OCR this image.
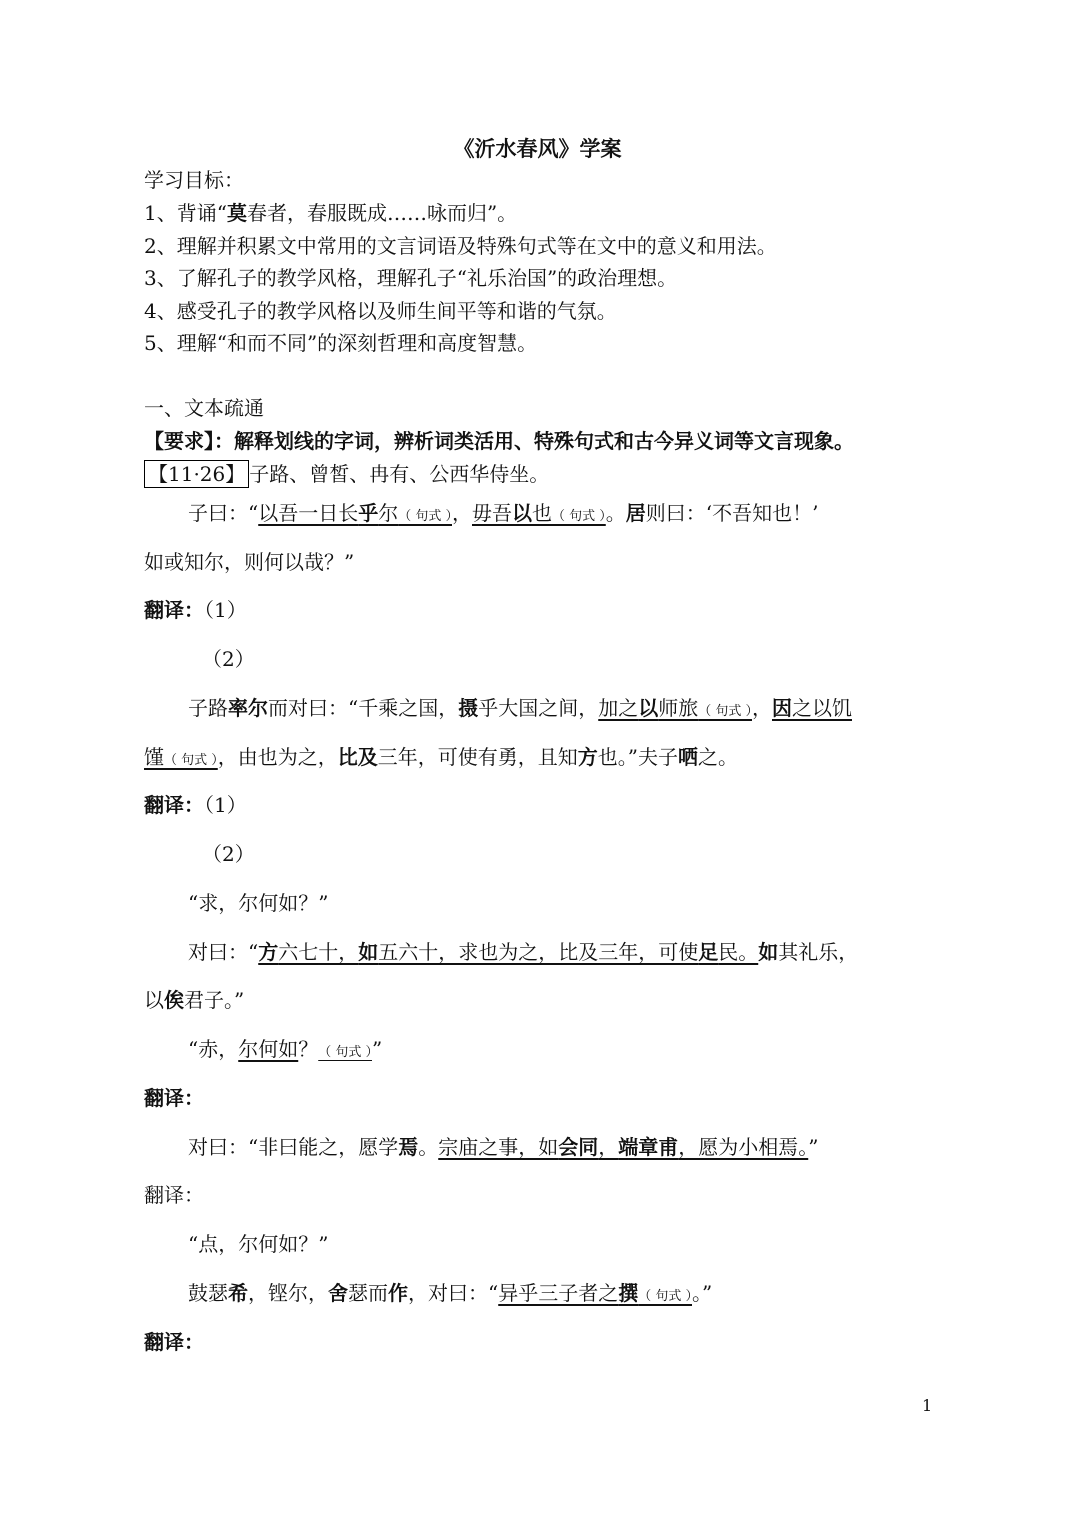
《沂水春风》学案
学习目标：
1、背诵“莫春者，春服既成……咏而归”。
2、理解并积累文中常用的文言词语及特殊句式等在文中的意义和用法。
3、了解孔子的教学风格，理解孔子“礼乐治国”的政治理想。
4、感受孔子的教学风格以及师生间平等和谐的气氛。
5、理解“和而不同”的深刻哲理和高度智慧。
一、文本疏通
【要求】：解释划线的字词，辨析词类活用、特殊句式和古今异义词等文言现象。
【11·26】 子路、曾皙、冉有、公西华侍坐。
子曰：“以吾一日长乎尔（ 句式 ），毋吾以也（ 句式 ）。居则曰：‘不吾知也！’
如或知尔，则何以哉？”
翻译：（1）
（2）
子路率尔而对曰：“千乘之国，摄乎大国之间，加之以师旅（ 句式 ），因之以饥
馑（ 句式 ），由也为之，比及三年，可使有勇，且知方也。”夫子哂之。
翻译：（1）
（2）
“求，尔何如？”
对曰：“方六七十，如五六十，求也为之，比及三年，可使足民。如其礼乐，
以俟君子。”
“赤，尔何如？（ 句式 ）”
翻译：
对曰：“非曰能之，愿学焉。宗庙之事，如会同，端章甫，愿为小相焉。”
翻译：
“点，尔何如？”
鼓瑟希，铿尔，舍瑟而作，对曰：“异乎三子者之撰（ 句式 ）。”
翻译：
1
